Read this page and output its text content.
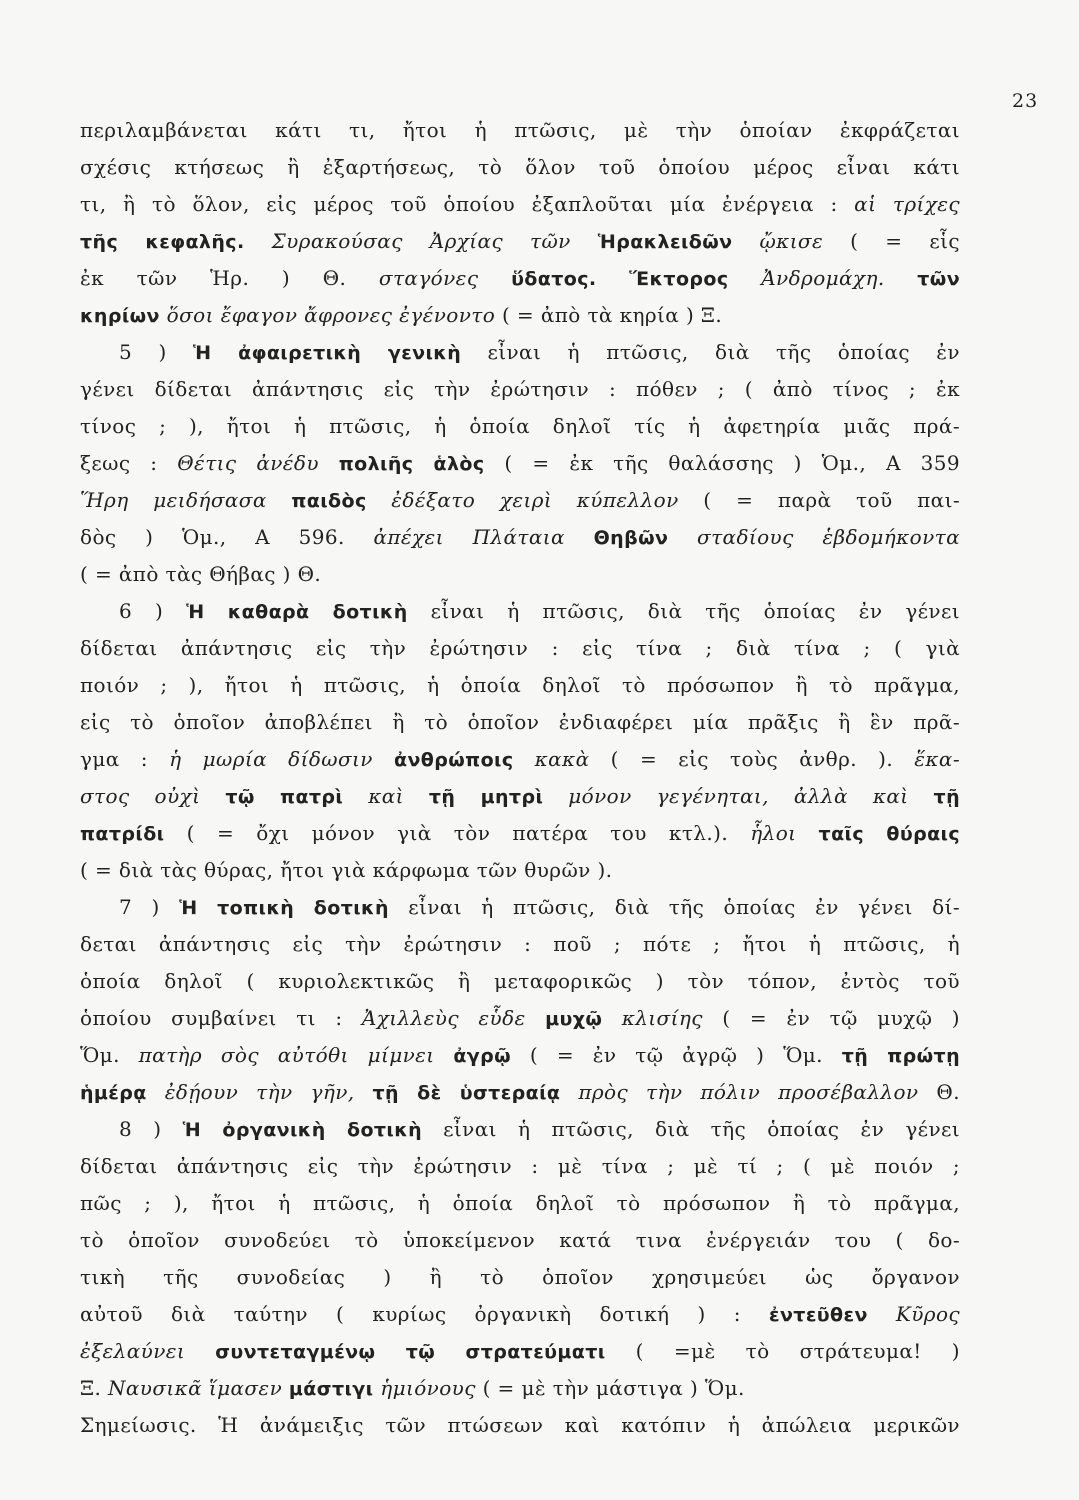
23
περιλαμβάνεται κάτι τι, ἤτοι ἡ πτῶσις, μὲ τὴν ὁποίαν ἐκφράζεται
σχέσις κτήσεως ἢ ἐξαρτήσεως, τὸ ὅλον τοῦ ὁποίου μέρος εἶναι κάτι
τι, ἢ τὸ ὅλον, εἰς μέρος τοῦ ὁποίου ἐξαπλοῦται μία ἐνέργεια : αἱ τρίχες
τῆς κεφαλῆς. Συρακούσας Ἀρχίας τῶν Ἡρακλειδῶν ᾤκισε ( = εἷς
ἐκ τῶν Ἡρ. ) Θ. σταγόνες ὕδατος. Ἕκτορος Ἀνδρομάχη. τῶν
κηρίων ὅσοι ἔφαγον ἄφρονες ἐγένοντο ( = ἀπὸ τὰ κηρία ) Ξ.
5 ) Ἡ ἀφαιρετικὴ γενικὴ εἶναι ἡ πτῶσις, διὰ τῆς ὁποίας ἐν
γένει δίδεται ἀπάντησις εἰς τὴν ἐρώτησιν : πόθεν ; ( ἀπὸ τίνος ; ἐκ
τίνος ; ), ἤτοι ἡ πτῶσις, ἡ ὁποία δηλοῖ τίς ἡ ἀφετηρία μιᾶς πρά-
ξεως : Θέτις ἀνέδυ πολιῆς ἁλὸς ( = ἐκ τῆς θαλάσσης ) Ὁμ., Α 359
Ἥρη μειδήσασα παιδὸς ἐδέξατο χειρὶ κύπελλον ( = παρὰ τοῦ παι-
δὸς ) Ὁμ., Α 596. ἀπέχει Πλάταια Θηβῶν σταδίους ἑβδομήκοντα
( = ἀπὸ τὰς Θήβας ) Θ.
6 ) Ἡ καθαρὰ δοτικὴ εἶναι ἡ πτῶσις, διὰ τῆς ὁποίας ἐν γένει
δίδεται ἀπάντησις εἰς τὴν ἐρώτησιν : εἰς τίνα ; διὰ τίνα ; ( γιὰ
ποιόν ; ), ἤτοι ἡ πτῶσις, ἡ ὁποία δηλοῖ τὸ πρόσωπον ἢ τὸ πρᾶγμα,
εἰς τὸ ὁποῖον ἀποβλέπει ἢ τὸ ὁποῖον ἐνδιαφέρει μία πρᾶξις ἢ ἓν πρᾶ-
γμα : ἡ μωρία δίδωσιν ἀνθρώποις κακὰ ( = εἰς τοὺς ἀνθρ. ). ἕκα-
στος οὐχὶ τῷ πατρὶ καὶ τῇ μητρὶ μόνον γεγένηται, ἀλλὰ καὶ τῇ
πατρίδι ( = ὄχι μόνον γιὰ τὸν πατέρα του κτλ.). ἧλοι ταῖς θύραις
( = διὰ τὰς θύρας, ἤτοι γιὰ κάρφωμα τῶν θυρῶν ).
7 ) Ἡ τοπικὴ δοτικὴ εἶναι ἡ πτῶσις, διὰ τῆς ὁποίας ἐν γένει δί-
δεται ἀπάντησις εἰς τὴν ἐρώτησιν : ποῦ ; πότε ; ἤτοι ἡ πτῶσις, ἡ
ὁποία δηλοῖ ( κυριολεκτικῶς ἢ μεταφορικῶς ) τὸν τόπον, ἐντὸς τοῦ
ὁποίου συμβαίνει τι : Ἀχιλλεὺς εὗδε μυχῷ κλισίης ( = ἐν τῷ μυχῷ )
Ὅμ. πατὴρ σὸς αὐτόθι μίμνει ἀγρῷ ( = ἐν τῷ ἀγρῷ ) Ὅμ. τῇ πρώτῃ
ἡμέρᾳ ἐδῄουν τὴν γῆν, τῇ δὲ ὑστεραίᾳ πρὸς τὴν πόλιν προσέβαλλον Θ.
8 ) Ἡ ὀργανικὴ δοτικὴ εἶναι ἡ πτῶσις, διὰ τῆς ὁποίας ἐν γένει
δίδεται ἀπάντησις εἰς τὴν ἐρώτησιν : μὲ τίνα ; μὲ τί ; ( μὲ ποιόν ;
πῶς ; ), ἤτοι ἡ πτῶσις, ἡ ὁποία δηλοῖ τὸ πρόσωπον ἢ τὸ πρᾶγμα,
τὸ ὁποῖον συνοδεύει τὸ ὑποκείμενον κατά τινα ἐνέργειάν του ( δο-
τικὴ τῆς συνοδείας ) ἢ τὸ ὁποῖον χρησιμεύει ὡς ὄργανον
αὐτοῦ διὰ ταύτην ( κυρίως ὀργανικὴ δοτική ) : ἐντεῦθεν Κῦρος
ἐξελαύνει συντεταγμένῳ τῷ στρατεύματι ( =μὲ τὸ στράτευμα! )
Ξ. Ναυσικᾶ ἵμασεν μάστιγι ἡμιόνους ( = μὲ τὴν μάστιγα ) Ὅμ.
Σημείωσις. Ἡ ἀνάμειξις τῶν πτώσεων καὶ κατόπιν ἡ ἀπώλεια μερικῶν
